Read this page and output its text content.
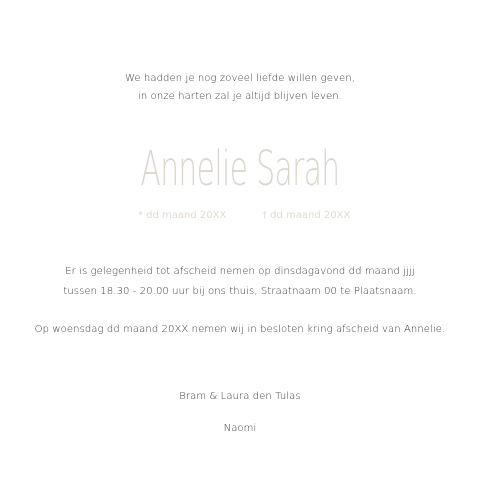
We hadden je nog zoveel liefde willen geven,
in onze harten zal je altijd blijven leven.
Annelie Sarah
* dd maand 20XX	† dd maand 20XX
Er is gelegenheid tot afscheid nemen op dinsdagavond dd maand jjjj
tussen 18.30 - 20.00 uur bij ons thuis, Straatnaam 00 te Plaatsnaam.
Op woensdag dd maand 20XX nemen wij in besloten kring afscheid van Annelie.
Bram & Laura den Tulas
Naomi
